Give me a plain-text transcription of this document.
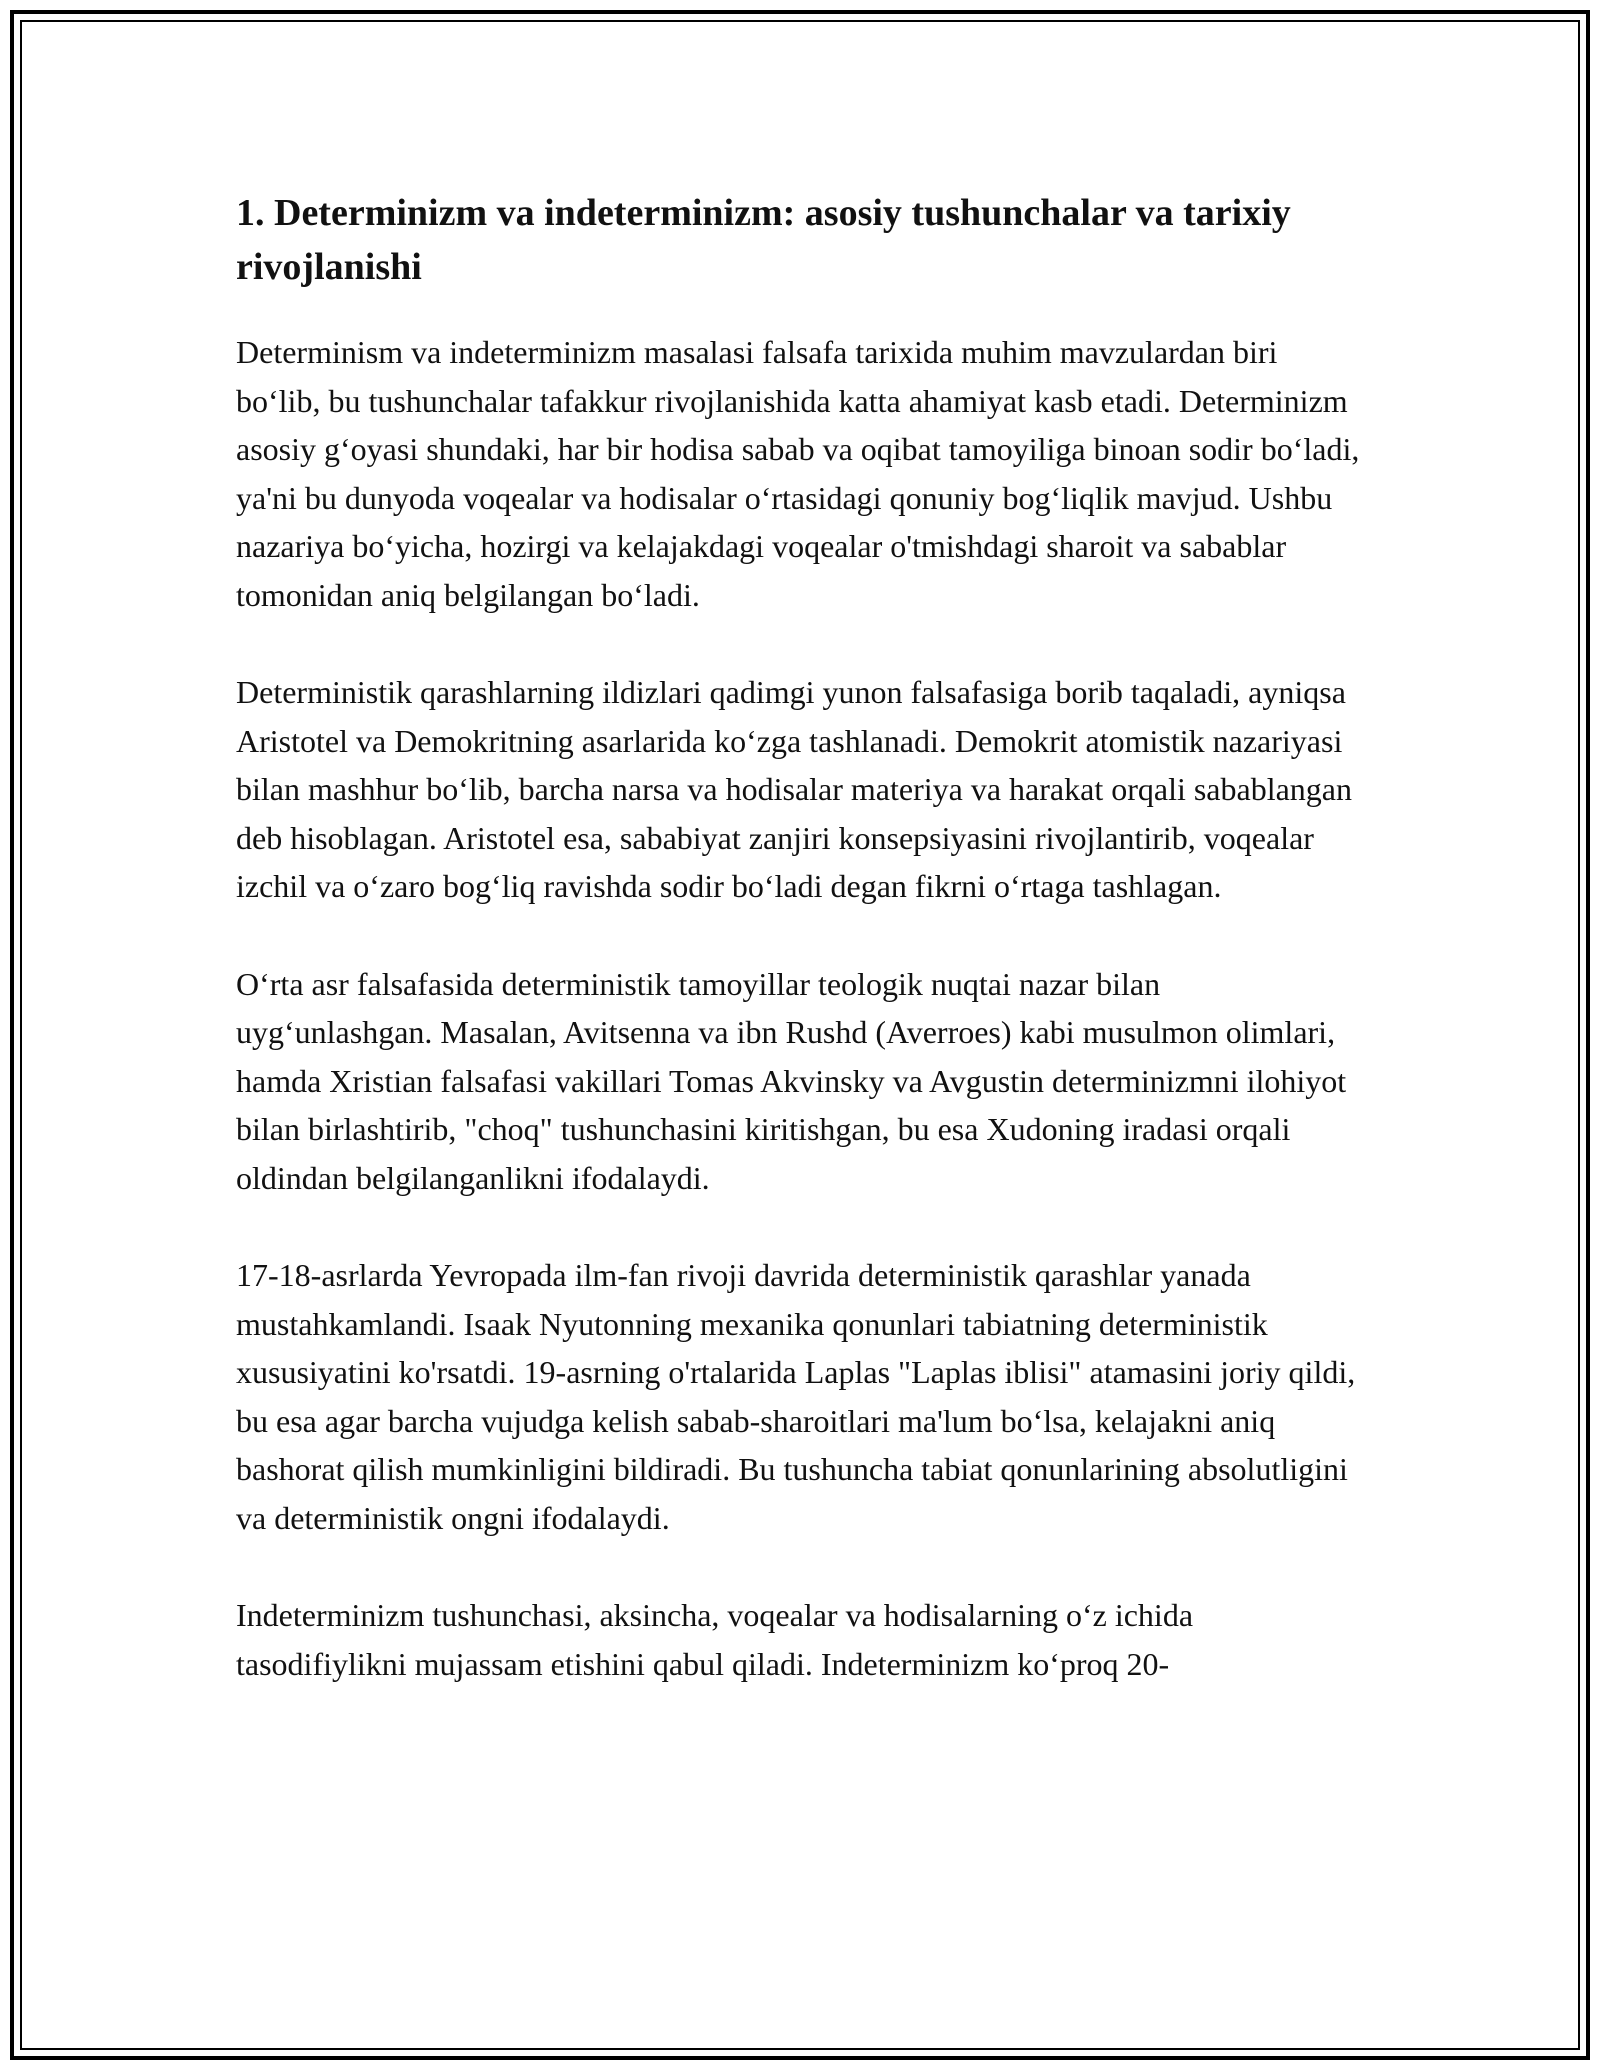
1. Determinizm va indeterminizm: asosiy tushunchalar va tarixiy rivojlanishi

Determinism va indeterminizm masalasi falsafa tarixida muhim mavzulardan biri bo‘lib, bu tushunchalar tafakkur rivojlanishida katta ahamiyat kasb etadi. Determinizm asosiy g‘oyasi shundaki, har bir hodisa sabab va oqibat tamoyiliga binoan sodir bo‘ladi, ya'ni bu dunyoda voqealar va hodisalar o‘rtasidagi qonuniy bog‘liqlik mavjud. Ushbu nazariya bo‘yicha, hozirgi va kelajakdagi voqealar o'tmishdagi sharoit va sabablar tomonidan aniq belgilangan bo‘ladi.

Deterministik qarashlarning ildizlari qadimgi yunon falsafasiga borib taqaladi, ayniqsa Aristotel va Demokritning asarlarida ko‘zga tashlanadi. Demokrit atomistik nazariyasi bilan mashhur bo‘lib, barcha narsa va hodisalar materiya va harakat orqali sabablangan deb hisoblagan. Aristotel esa, sababiyat zanjiri konsepsiyasini rivojlantirib, voqealar izchil va o‘zaro bog‘liq ravishda sodir bo‘ladi degan fikrni o‘rtaga tashlagan.

O‘rta asr falsafasida deterministik tamoyillar teologik nuqtai nazar bilan uyg‘unlashgan. Masalan, Avitsenna va ibn Rushd (Averroes) kabi musulmon olimlari, hamda Xristian falsafasi vakillari Tomas Akvinsky va Avgustin determinizmni ilohiyot bilan birlashtirib, "choq" tushunchasini kiritishgan, bu esa Xudoning iradasi orqali oldindan belgilanganlikni ifodalaydi.

17-18-asrlarda Yevropada ilm-fan rivoji davrida deterministik qarashlar yanada mustahkamlandi. Isaak Nyutonning mexanika qonunlari tabiatning deterministik xususiyatini ko'rsatdi. 19-asrning o'rtalarida Laplas "Laplas iblisi" atamasini joriy qildi, bu esa agar barcha vujudga kelish sabab-sharoitlari ma'lum bo‘lsa, kelajakni aniq bashorat qilish mumkinligini bildiradi. Bu tushuncha tabiat qonunlarining absolutligini va deterministik ongni ifodalaydi.

Indeterminizm tushunchasi, aksincha, voqealar va hodisalarning o‘z ichida tasodifiylikni mujassam etishini qabul qiladi. Indeterminizm ko‘proq 20-
